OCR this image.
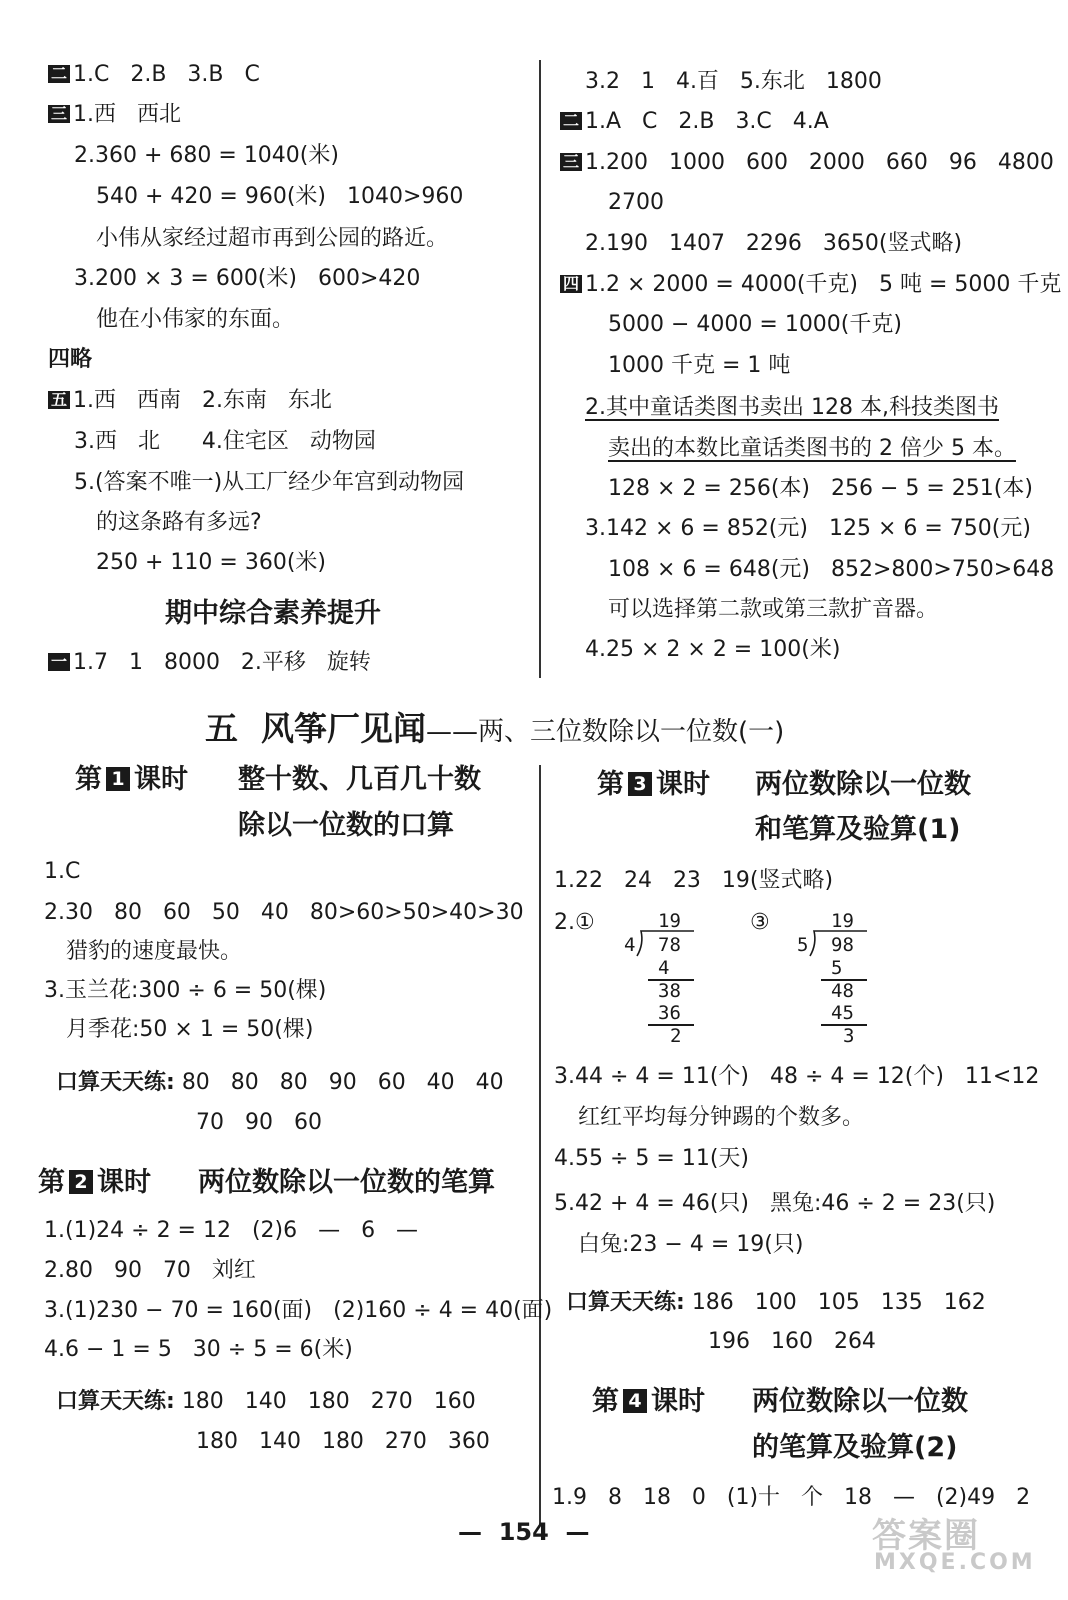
二 1.C   2.B   3.B   C
三 1.西   西北
2.360 + 680 = 1040(米)
540 + 420 = 960(米)   1040>960
小伟从家经过超市再到公园的路近。
3.200 × 3 = 600(米)   600>420
他在小伟家的东面。
四略
五 1.西   西南   2.东南   东北
3.西   北      4.住宅区   动物园
5.(答案不唯一)从工厂经少年宫到动物园
的这条路有多远?
250 + 110 = 360(米)
期中综合素养提升
一 1.7   1   8000   2.平移   旋转
3.2   1   4.百   5.东北   1800
二 1.A   C   2.B   3.C   4.A
三 1.200   1000   600   2000   660   96   4800
2700
2.190   1407   2296   3650(竖式略)
四 1.2 × 2000 = 4000(千克)   5 吨 = 5000 千克
5000 − 4000 = 1000(千克)
1000 千克 = 1 吨
2.其中童话类图书卖出 128 本,科技类图书
卖出的本数比童话类图书的 2 倍少 5 本。
128 × 2 = 256(本)   256 − 5 = 251(本)
3.142 × 6 = 852(元)   125 × 6 = 750(元)
108 × 6 = 648(元)   852>800>750>648
可以选择第二款或第三款扩音器。
4.25 × 2 × 2 = 100(米)
五  风筝厂见闻——两、三位数除以一位数(一)
第 1 课时 整十数、几百几十数
除以一位数的口算
1.C
2.30   80   60   50   40   80>60>50>40>30
猎豹的速度最快。
3.玉兰花:300 ÷ 6 = 50(棵)
月季花:50 × 1 = 50(棵)
口算天天练: 80   80   80   90   60   40   40
70   90   60
第 2 课时 两位数除以一位数的笔算
1.(1)24 ÷ 2 = 12   (2)6   —   6   —
2.80   90   70   刘红
3.(1)230 − 70 = 160(面)   (2)160 ÷ 4 = 40(面)
4.6 − 1 = 5   30 ÷ 5 = 6(米)
口算天天练: 180   140   180   270   160
180   140   180   270   360
第 3 课时 两位数除以一位数
和笔算及验算(1)
1.22   24   23   19(竖式略)
2.①	③
19
4 78
4
38
36
2
19
5 98
5
48
45
3
3.44 ÷ 4 = 11(个)   48 ÷ 4 = 12(个)   11<12
红红平均每分钟踢的个数多。
4.55 ÷ 5 = 11(天)
5.42 + 4 = 46(只)   黑兔:46 ÷ 2 = 23(只)
白兔:23 − 4 = 19(只)
口算天天练: 186   100   105   135   162
196   160   264
第 4 课时 两位数除以一位数
的笔算及验算(2)
1.9   8   18   0   (1)十   个   18   —   (2)49   2
—  154  —	答案圈
MXQE.COM
